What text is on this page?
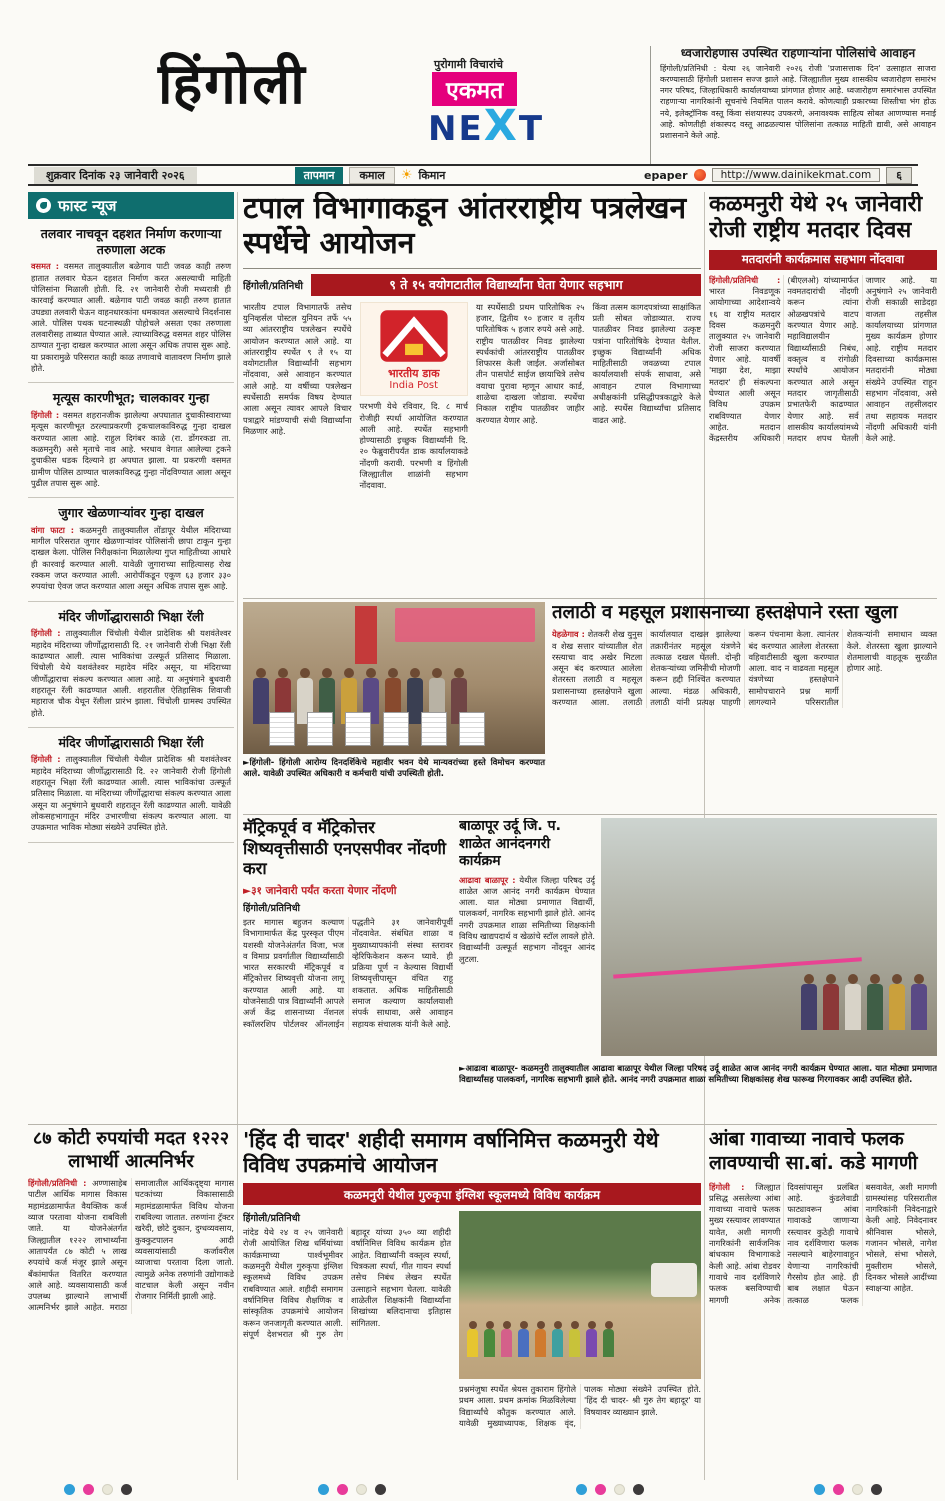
हिंगोली	पुरोगामी विचारांचे
एकमत
NEXT
ध्वजारोहणास उपस्थित राहणाऱ्यांना पोलिसांचे आवाहन

हिंगोली/प्रतिनिधी : येत्या २६ जानेवारी २०२६ रोजी 'प्रजासत्ताक दिन' उत्साहात साजरा करण्यासाठी हिंगोली प्रशासन सज्ज झाले आहे. जिल्ह्यातील मुख्य शासकीय ध्वजारोहण समारंभ नगर परिषद, जिल्हाधिकारी कार्यालयाच्या प्रांगणात होणार आहे. ध्वजारोहण समारंभास उपस्थित राहणाऱ्या नागरिकांनी सूचनांचे नियमित पालन करावे. कोणत्याही प्रकारच्या शिस्तीचा भंग होऊ नये, इलेक्ट्रॉनिक वस्तू किंवा संशयास्पद उपकरणे, अनावश्यक साहित्य सोबत आणण्यास मनाई आहे. कोणतीही शंकास्पद वस्तू आढळल्यास पोलिसांना तत्काळ माहिती द्यावी, असे आवाहन प्रशासनाने केले आहे.

शुक्रवार दिनांक २३ जानेवारी २०२६	तापमान	कमाल	☀ किमान	epaper	http://www.dainikekmat.com	६
फास्ट न्यूज
तलवार नाचवून दहशत निर्माण करणाऱ्या तरुणाला अटक

वसमत : वसमत तालुक्यातील बळेगाव पाटी जवळ काही तरुण हातात तलवार घेऊन दहशत निर्माण करत असल्याची माहिती पोलिसांना मिळाली होती. दि. २१ जानेवारी रोजी मध्यरात्री ही कारवाई करण्यात आली. बळेगाव पाटी जवळ काही तरुण हातात उघड्या तलवारी घेऊन वाहनधारकांना धमकावत असल्याचे निदर्शनास आले. पोलिस पथक घटनास्थळी पोहोचले असता एका तरुणाला तलवारीसह ताब्यात घेण्यात आले. त्याच्याविरुद्ध वसमत शहर पोलिस ठाण्यात गुन्हा दाखल करण्यात आला असून अधिक तपास सुरू आहे. या प्रकारामुळे परिसरात काही काळ तणावाचे वातावरण निर्माण झाले होते.

मृत्यूस कारणीभूत; चालकावर गुन्हा

हिंगोली : वसमत शहरानजीक झालेल्या अपघातात दुचाकीस्वाराच्या मृत्यूस कारणीभूत ठरल्याप्रकरणी ट्रकचालकाविरुद्ध गुन्हा दाखल करण्यात आला आहे. राहुल दिगंबर काळे (रा. डोंगरकडा ता. कळमनुरी) असे मृताचे नाव आहे. भरधाव वेगात आलेल्या ट्रकने दुचाकीस धडक दिल्याने हा अपघात झाला. या प्रकरणी वसमत ग्रामीण पोलिस ठाण्यात चालकाविरुद्ध गुन्हा नोंदविण्यात आला असून पुढील तपास सुरू आहे.

जुगार खेळणाऱ्यांवर गुन्हा दाखल

वांगा फाटा : कळमनुरी तालुक्यातील तोंडापूर येथील मंदिराच्या मागील परिसरात जुगार खेळणाऱ्यांवर पोलिसांनी छापा टाकून गुन्हा दाखल केला. पोलिस निरीक्षकांना मिळालेल्या गुप्त माहितीच्या आधारे ही कारवाई करण्यात आली. यावेळी जुगाराच्या साहित्यासह रोख रक्कम जप्त करण्यात आली. आरोपींकडून एकूण ६३ हजार ३३० रुपयांचा ऐवज जप्त करण्यात आला असून अधिक तपास सुरू आहे.

मंदिर जीर्णोद्धारासाठी भिक्षा रॅली

हिंगोली : तालुक्यातील चिंचोली येथील प्रादेशिक श्री यशवंतेश्वर महादेव मंदिराच्या जीर्णोद्धारासाठी दि. २१ जानेवारी रोजी भिक्षा रॅली काढण्यात आली. त्यास भाविकांचा उत्स्फूर्त प्रतिसाद मिळाला. चिंचोली येथे यशवंतेश्वर महादेव मंदिर असून, या मंदिराच्या जीर्णोद्धाराचा संकल्प करण्यात आला आहे. या अनुषंगाने बुधवारी शहरातून रॅली काढण्यात आली. शहरातील ऐतिहासिक शिवाजी महाराज चौक येथून रॅलीला प्रारंभ झाला. चिंचोली ग्रामस्थ उपस्थित होते.

मंदिर जीर्णोद्धारासाठी भिक्षा रॅली

हिंगोली : तालुक्यातील चिंचोली येथील प्रादेशिक श्री यशवंतेश्वर महादेव मंदिराच्या जीर्णोद्धारासाठी दि. २२ जानेवारी रोजी हिंगोली शहरातून भिक्षा रॅली काढण्यात आली. त्यास भाविकांचा उत्स्फूर्त प्रतिसाद मिळाला. या मंदिराच्या जीर्णोद्धाराचा संकल्प करण्यात आला असून या अनुषंगाने बुधवारी शहरातून रॅली काढण्यात आली. यावेळी लोकसहभागातून मंदिर उभारणीचा संकल्प करण्यात आला. या उपक्रमात भाविक मोठ्या संख्येने उपस्थित होते.

टपाल विभागाकडून आंतरराष्ट्रीय पत्रलेखन स्पर्धेचे आयोजन
हिंगोली/प्रतिनिधी	९ ते १५ वयोगटातील विद्यार्थ्यांना घेता येणार सहभाग

भारतीय टपाल विभागातर्फे तसेच युनिव्हर्सल पोस्टल युनियन तर्फे ५५ व्या आंतरराष्ट्रीय पत्रलेखन स्पर्धेचे आयोजन करण्यात आले आहे. या आंतरराष्ट्रीय स्पर्धेत ९ ते १५ या वयोगटातील विद्यार्थ्यांनी सहभाग नोंदवावा, असे आवाहन करण्यात आले आहे. या वर्षीच्या पत्रलेखन स्पर्धेसाठी समर्पक विषय देण्यात आला असून त्यावर आपले विचार पत्राद्वारे मांडण्याची संधी विद्यार्थ्यांना मिळणार आहे.

भारतीय डाक
India Post

परभणी येथे रविवार, दि. ८ मार्च रोजीही स्पर्धा आयोजित करण्यात आली आहे. स्पर्धेत सहभागी होण्यासाठी इच्छुक विद्यार्थ्यांनी दि. २० फेब्रुवारीपर्यंत डाक कार्यालयाकडे नोंदणी करावी. परभणी व हिंगोली जिल्ह्यातील शाळांनी सहभाग नोंदवावा.

या स्पर्धेसाठी प्रथम पारितोषिक २५ हजार, द्वितीय १० हजार व तृतीय पारितोषिक ५ हजार रुपये असे आहे. राष्ट्रीय पातळीवर निवड झालेल्या स्पर्धकांची आंतरराष्ट्रीय पातळीवर शिफारस केली जाईल. अर्जासोबत तीन पासपोर्ट साईज छायाचित्रे तसेच वयाचा पुरावा म्हणून आधार कार्ड, शाळेचा दाखला जोडावा. स्पर्धेचा निकाल राष्ट्रीय पातळीवर जाहीर करण्यात येणार आहे.

किंवा तत्सम कागदपत्रांच्या साक्षांकित प्रती सोबत जोडाव्यात. राज्य पातळीवर निवड झालेल्या उत्कृष्ट पत्रांना पारितोषिके देण्यात येतील. इच्छुक विद्यार्थ्यांनी अधिक माहितीसाठी जवळच्या टपाल कार्यालयाशी संपर्क साधावा, असे आवाहन टपाल विभागाच्या अधीक्षकांनी प्रसिद्धीपत्रकाद्वारे केले आहे. स्पर्धेस विद्यार्थ्यांचा प्रतिसाद वाढत आहे.

कळमनुरी येथे २५ जानेवारी रोजी राष्ट्रीय मतदार दिवस
मतदारांनी कार्यक्रमास सहभाग नोंदवावा

हिंगोली/प्रतिनिधी : भारत निवडणूक आयोगाच्या आदेशान्वये १६ वा राष्ट्रीय मतदार दिवस कळमनुरी तालुक्यात २५ जानेवारी रोजी साजरा करण्यात येणार आहे. यावर्षी 'माझा देश, माझा मतदार' ही संकल्पना घेण्यात आली असून विविध उपक्रम राबविण्यात येणार आहेत. मतदान केंद्रस्तरीय अधिकारी (बीएलओ) यांच्यामार्फत नवमतदारांची नोंदणी करून त्यांना ओळखपत्रांचे वाटप करण्यात येणार आहे. महाविद्यालयीन विद्यार्थ्यांसाठी निबंध, वक्तृत्व व रांगोळी स्पर्धांचे आयोजन करण्यात आले असून मतदार जागृतीसाठी प्रभातफेरी काढण्यात येणार आहे. सर्व शासकीय कार्यालयांमध्ये मतदार शपथ घेतली जाणार आहे. या अनुषंगाने २५ जानेवारी रोजी सकाळी साडेदहा वाजता तहसील कार्यालयाच्या प्रांगणात मुख्य कार्यक्रम होणार आहे. राष्ट्रीय मतदार दिवसाच्या कार्यक्रमास मतदारांनी मोठ्या संख्येने उपस्थित राहून सहभाग नोंदवावा, असे आवाहन तहसीलदार तथा सहायक मतदार नोंदणी अधिकारी यांनी केले आहे.

►हिंगोली- हिंगोली आरोग्य दिनदर्शिकेचे महावीर भवन येथे मान्यवरांच्या हस्ते विमोचन करण्यात आले. यावेळी उपस्थित अधिकारी व कर्मचारी यांची उपस्थिती होती.
तलाठी व महसूल प्रशासनाच्या हस्तक्षेपाने रस्ता खुला

येहळेगाव : शेतकरी शेख युनुस व शेख सत्तार यांच्यातील शेत रस्त्याचा वाद अखेर मिटला असून बंद करण्यात आलेला शेतरस्ता तलाठी व महसूल प्रशासनाच्या हस्तक्षेपाने खुला करण्यात आला. तलाठी कार्यालयात दाखल झालेल्या तक्रारीनंतर महसूल यंत्रणेने तत्काळ दखल घेतली. दोन्ही शेतकऱ्यांच्या जमिनीची मोजणी करून हद्दी निश्चित करण्यात आल्या. मंडळ अधिकारी, तलाठी यांनी प्रत्यक्ष पाहणी करून पंचनामा केला. त्यानंतर बंद करण्यात आलेला शेतरस्ता वहिवाटीसाठी खुला करण्यात आला. वाद न वाढवता महसूल यंत्रणेच्या हस्तक्षेपाने सामोपचाराने प्रश्न मार्गी लागल्याने परिसरातील शेतकऱ्यांनी समाधान व्यक्त केले. शेतरस्ता खुला झाल्याने शेतमालाची वाहतूक सुरळीत होणार आहे.

मॅट्रिकपूर्व व मॅट्रिकोत्तर शिष्यवृत्तीसाठी एनएसपीवर नोंदणी करा
►३१ जानेवारी पर्यंत करता येणार नोंदणी
हिंगोली/प्रतिनिधी

इतर मागास बहुजन कल्याण विभागामार्फत केंद्र पुरस्कृत पीएम यशस्वी योजनेअंतर्गत विजा, भज व विमाप्र प्रवर्गातील विद्यार्थ्यांसाठी भारत सरकारची मॅट्रिकपूर्व व मॅट्रिकोत्तर शिष्यवृत्ती योजना लागू करण्यात आली आहे. या योजनेसाठी पात्र विद्यार्थ्यांनी आपले अर्ज केंद्र शासनाच्या नॅशनल स्कॉलरशिप पोर्टलवर ऑनलाईन पद्धतीने ३१ जानेवारीपूर्वी नोंदवावेत. संबंधित शाळा व मुख्याध्यापकांनी संस्था स्तरावर व्हेरिफिकेशन करून घ्यावे. ही प्रक्रिया पूर्ण न केल्यास विद्यार्थी शिष्यवृत्तीपासून वंचित राहू शकतात. अधिक माहितीसाठी समाज कल्याण कार्यालयाशी संपर्क साधावा, असे आवाहन सहायक संचालक यांनी केले आहे.

बाळापूर उर्दू जि. प. शाळेत आनंदनगरी कार्यक्रम

आढावा बाळापूर : येथील जिल्हा परिषद उर्दू शाळेत आज आनंद नगरी कार्यक्रम घेण्यात आला. यात मोठ्या प्रमाणात विद्यार्थी, पालकवर्ग, नागरिक सहभागी झाले होते. आनंद नगरी उपक्रमात शाळा समितीच्या शिक्षकांनी विविध खाद्यपदार्थ व खेळांचे स्टॉल लावले होते. विद्यार्थ्यांनी उत्स्फूर्त सहभाग नोंदवून आनंद लुटला.

►आढावा बाळापूर- कळमनुरी तालुक्यातील आढावा बाळापूर येथील जिल्हा परिषद उर्दू शाळेत आज आनंद नगरी कार्यक्रम घेण्यात आला. यात मोठ्या प्रमाणात विद्यार्थ्यांसह पालकवर्ग, नागरिक सहभागी झाले होते. आनंद नगरी उपक्रमात शाळा समितीच्या शिक्षकांसह शेख फारूख गिरगावकर आदी उपस्थित होते.
८७ कोटी रुपयांची मदत १२२२ लाभार्थी आत्मनिर्भर

हिंगोली/प्रतिनिधी : अण्णासाहेब पाटील आर्थिक मागास विकास महामंडळामार्फत वैयक्तिक कर्ज व्याज परतावा योजना राबविली जाते. या योजनेअंतर्गत जिल्ह्यातील १२२२ लाभार्थ्यांना आतापर्यंत ८७ कोटी ५ लाख रुपयांचे कर्ज मंजूर झाले असून बँकांमार्फत वितरित करण्यात आले आहे. व्यवसायासाठी कर्ज उपलब्ध झाल्याने लाभार्थी आत्मनिर्भर झाले आहेत. मराठा समाजातील आर्थिकदृष्ट्या मागास घटकांच्या विकासासाठी महामंडळामार्फत विविध योजना राबविल्या जातात. तरुणांना ट्रॅक्टर खरेदी, छोटे दुकान, दुग्धव्यवसाय, कुक्कुटपालन आदी व्यवसायांसाठी कर्जावरील व्याजाचा परतावा दिला जातो. त्यामुळे अनेक तरुणांनी उद्योगाकडे वाटचाल केली असून नवीन रोजगार निर्मिती झाली आहे.

'हिंद दी चादर' शहीदी समागम वर्षानिमित्त कळमनुरी येथे विविध उपक्रमांचे आयोजन
कळमनुरी येथील गुरुकृपा इंग्लिश स्कूलमध्ये विविध कार्यक्रम
हिंगोली/प्रतिनिधी

नांदेड येथे २४ व २५ जानेवारी रोजी आयोजित शिख धर्मियांच्या कार्यक्रमाच्या पार्श्वभूमीवर कळमनुरी येथील गुरुकृपा इंग्लिश स्कूलमध्ये विविध उपक्रम राबविण्यात आले. शहीदी समागम वर्षानिमित्त विविध शैक्षणिक व सांस्कृतिक उपक्रमांचे आयोजन करून जनजागृती करण्यात आली. संपूर्ण देशभरात श्री गुरु तेग बहादूर यांच्या ३५० व्या शहीदी वर्षानिमित्त विविध कार्यक्रम होत आहेत. विद्यार्थ्यांनी वक्तृत्व स्पर्धा, चित्रकला स्पर्धा, गीत गायन स्पर्धा तसेच निबंध लेखन स्पर्धेत उत्साहाने सहभाग घेतला. यावेळी शाळेतील शिक्षकांनी विद्यार्थ्यांना शिखांच्या बलिदानाचा इतिहास सांगितला.

प्रश्नमंजुषा स्पर्धेत श्रेयस तुकाराम हिंगोले प्रथम आला. प्रथम क्रमांक मिळविलेल्या विद्यार्थ्यांचे कौतुक करण्यात आले. यावेळी मुख्याध्यापक, शिक्षक वृंद, पालक मोठ्या संख्येने उपस्थित होते. 'हिंद दी चादर- श्री गुरु तेग बहादूर' या विषयावर व्याख्यान झाले.

आंबा गावाच्या नावाचे फलक लावण्याची सा.बां. कडे मागणी

हिंगोली : जिल्ह्यात प्रसिद्ध असलेल्या आंबा गावाच्या नावाचे फलक मुख्य रस्त्यावर लावण्यात यावेत, अशी मागणी नागरिकांनी सार्वजनिक बांधकाम विभागाकडे केली आहे. आंबा रोडवर गावाचे नाव दर्शविणारे फलक बसविण्याची मागणी अनेक दिवसांपासून प्रलंबित आहे. कुंडलेवाडी फाट्यावरून आंबा गावाकडे जाणाऱ्या रस्त्यावर कुठेही गावाचे नाव दर्शविणारा फलक नसल्याने बाहेरगावाहून येणाऱ्या नागरिकांची गैरसोय होत आहे. ही बाब लक्षात घेऊन तत्काळ फलक बसवावेत, अशी मागणी ग्रामस्थांसह परिसरातील नागरिकांनी निवेदनाद्वारे केली आहे. निवेदनावर श्रीनिवास भोसले, गजानन भोसले, नागेश भोसले, संभा भोसले, मुक्तीराम भोसले, दिनकर भोसले आदींच्या स्वाक्षऱ्या आहेत.
